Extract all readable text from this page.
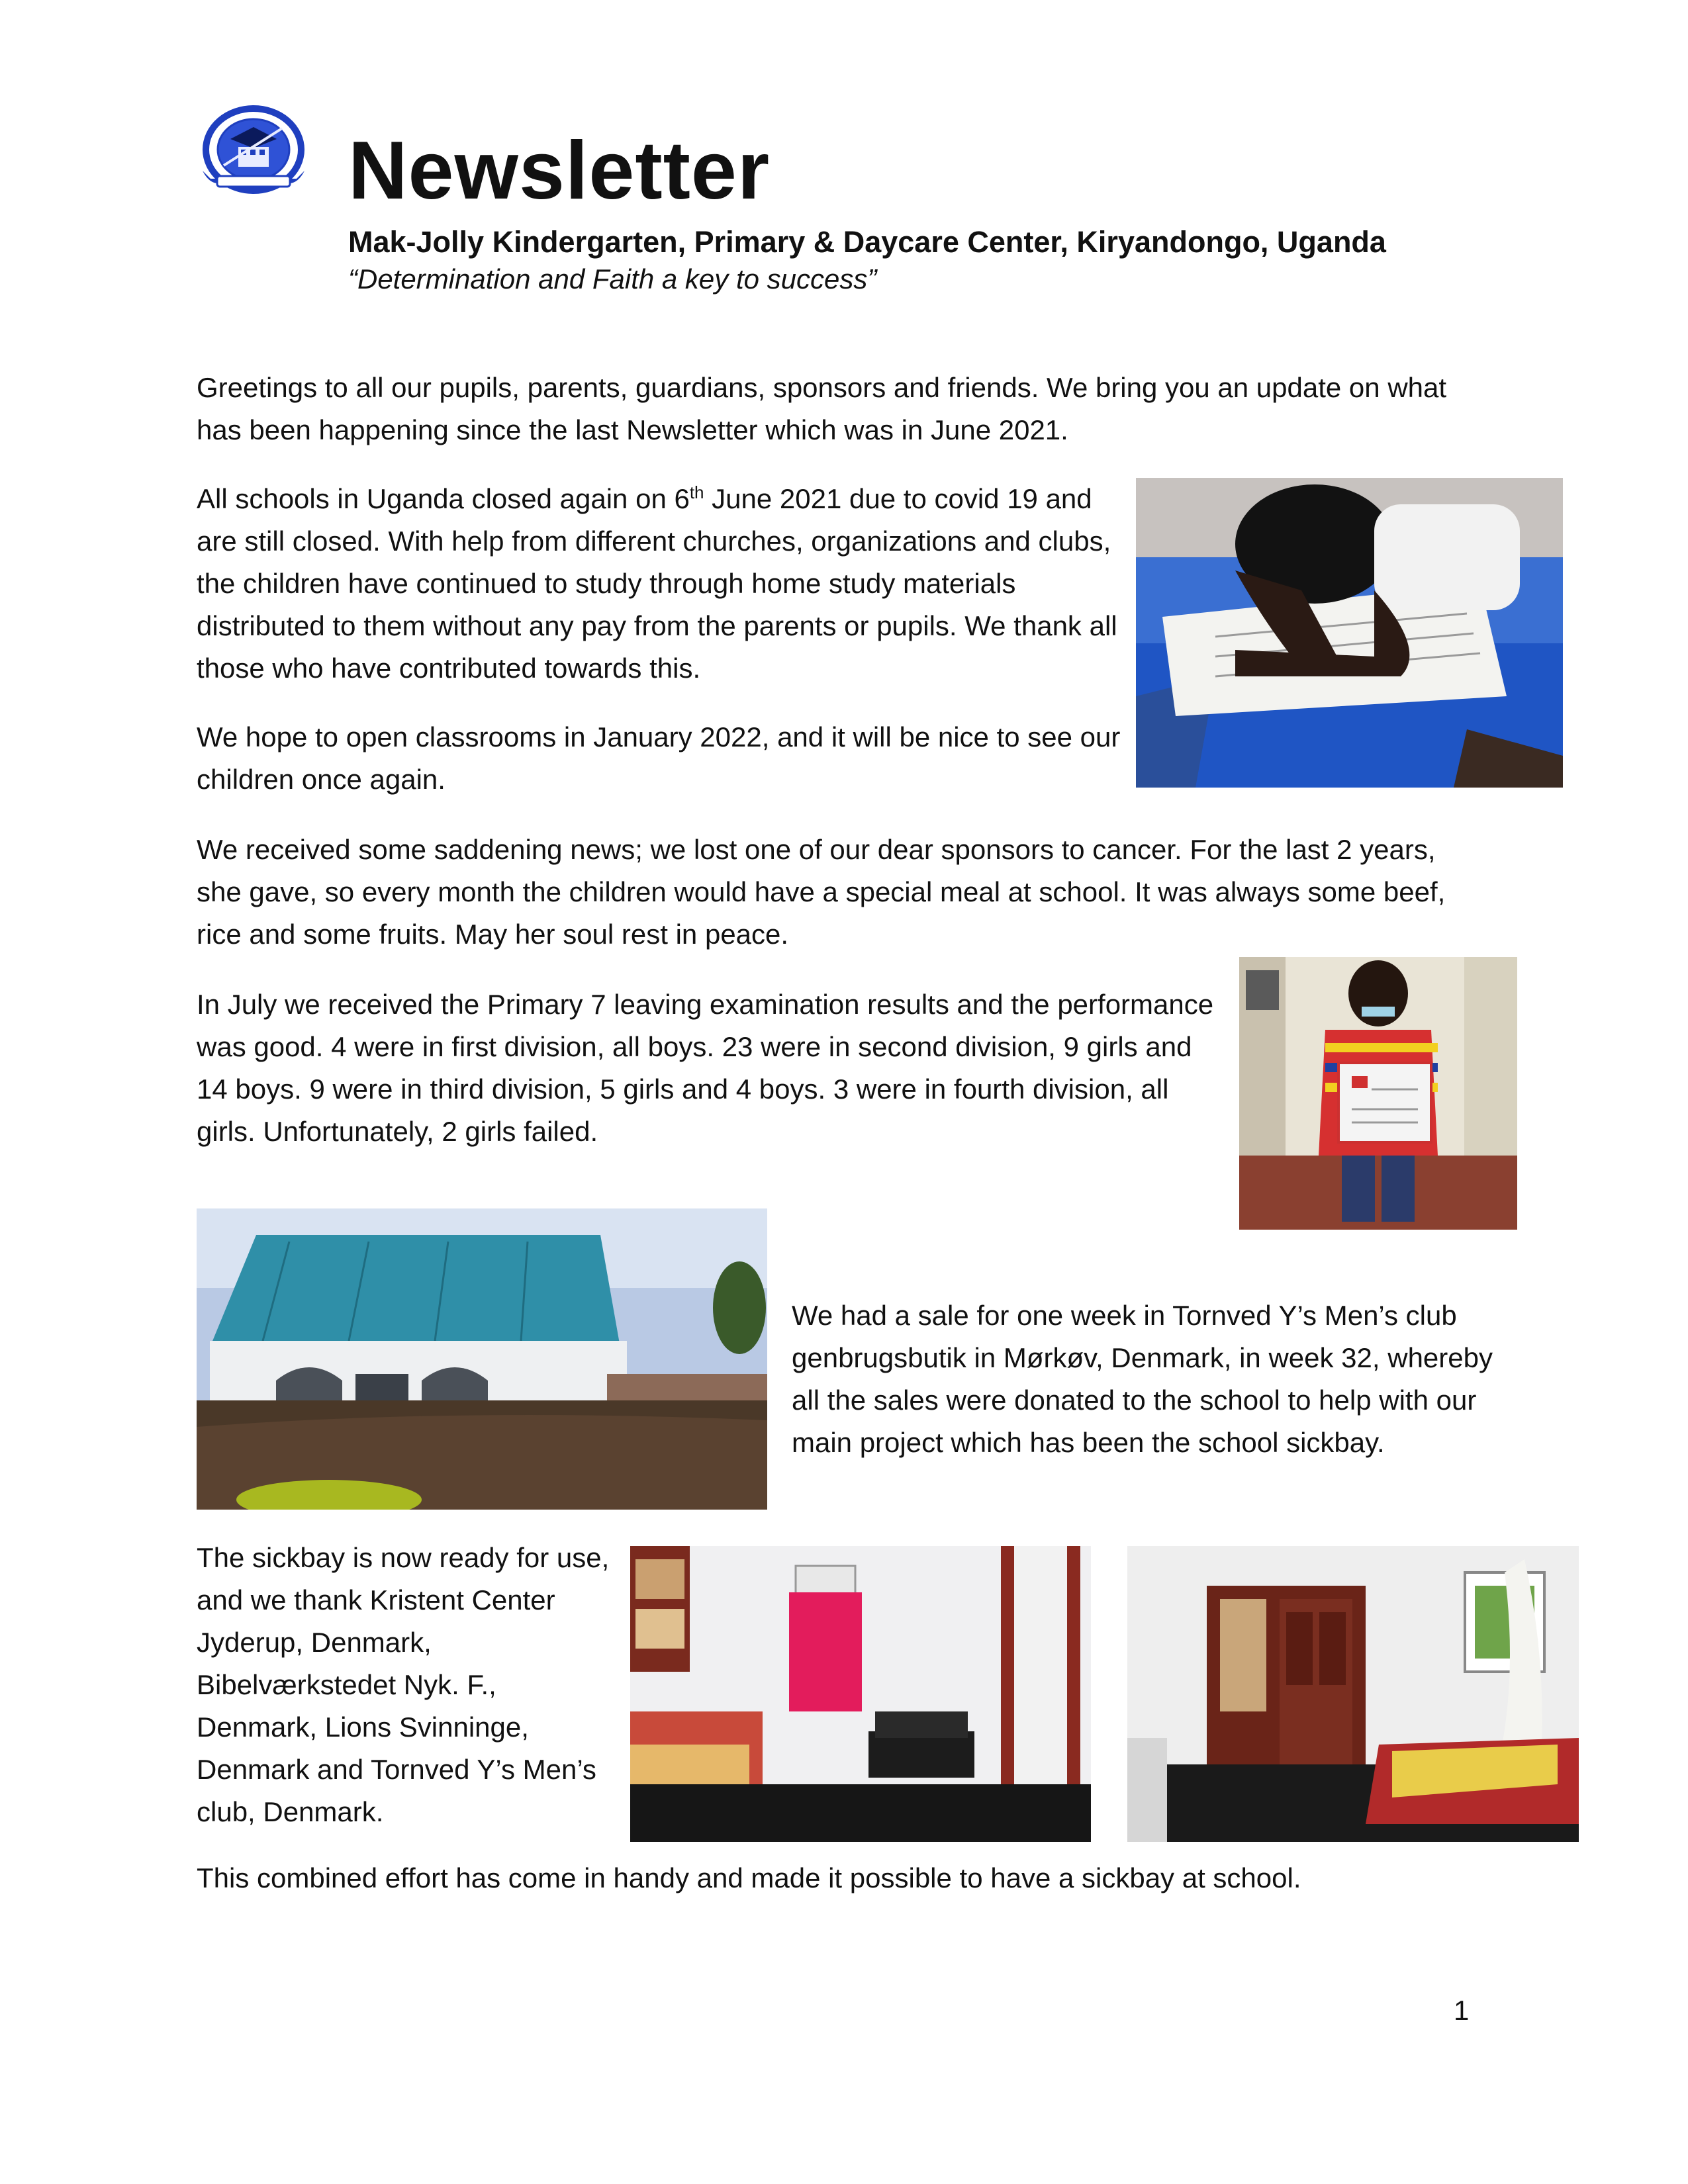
Newsletter
Mak-Jolly Kindergarten, Primary & Daycare Center, Kiryandongo, Uganda
“Determination and Faith a key to success”

Greetings to all our pupils, parents, guardians, sponsors and friends. We bring you an update on what has been happening since the last Newsletter which was in June 2021.

All schools in Uganda closed again on 6th June 2021 due to covid 19 and are still closed. With help from different churches, organizations and clubs, the children have continued to study through home study materials distributed to them without any pay from the parents or pupils. We thank all those who have contributed towards this.

We hope to open classrooms in January 2022, and it will be nice to see our children once again.

We received some saddening news; we lost one of our dear sponsors to cancer. For the last 2 years, she gave, so every month the children would have a special meal at school. It was always some beef, rice and some fruits. May her soul rest in peace.

In July we received the Primary 7 leaving examination results and the performance was good. 4 were in first division, all boys. 23 were in second division, 9 girls and 14 boys. 9 were in third division, 5 girls and 4 boys. 3 were in fourth division, all girls. Unfortunately, 2 girls failed.

We had a sale for one week in Tornved Y’s Men’s club genbrugsbutik in Mørkøv, Denmark, in week 32, whereby all the sales were donated to the school to help with our main project which has been the school sickbay.

The sickbay is now ready for use, and we thank Kristent Center Jyderup, Denmark, Bibelværkstedet Nyk. F., Denmark, Lions Svinninge, Denmark and Tornved Y’s Men’s club, Denmark.

This combined effort has come in handy and made it possible to have a sickbay at school.

1
